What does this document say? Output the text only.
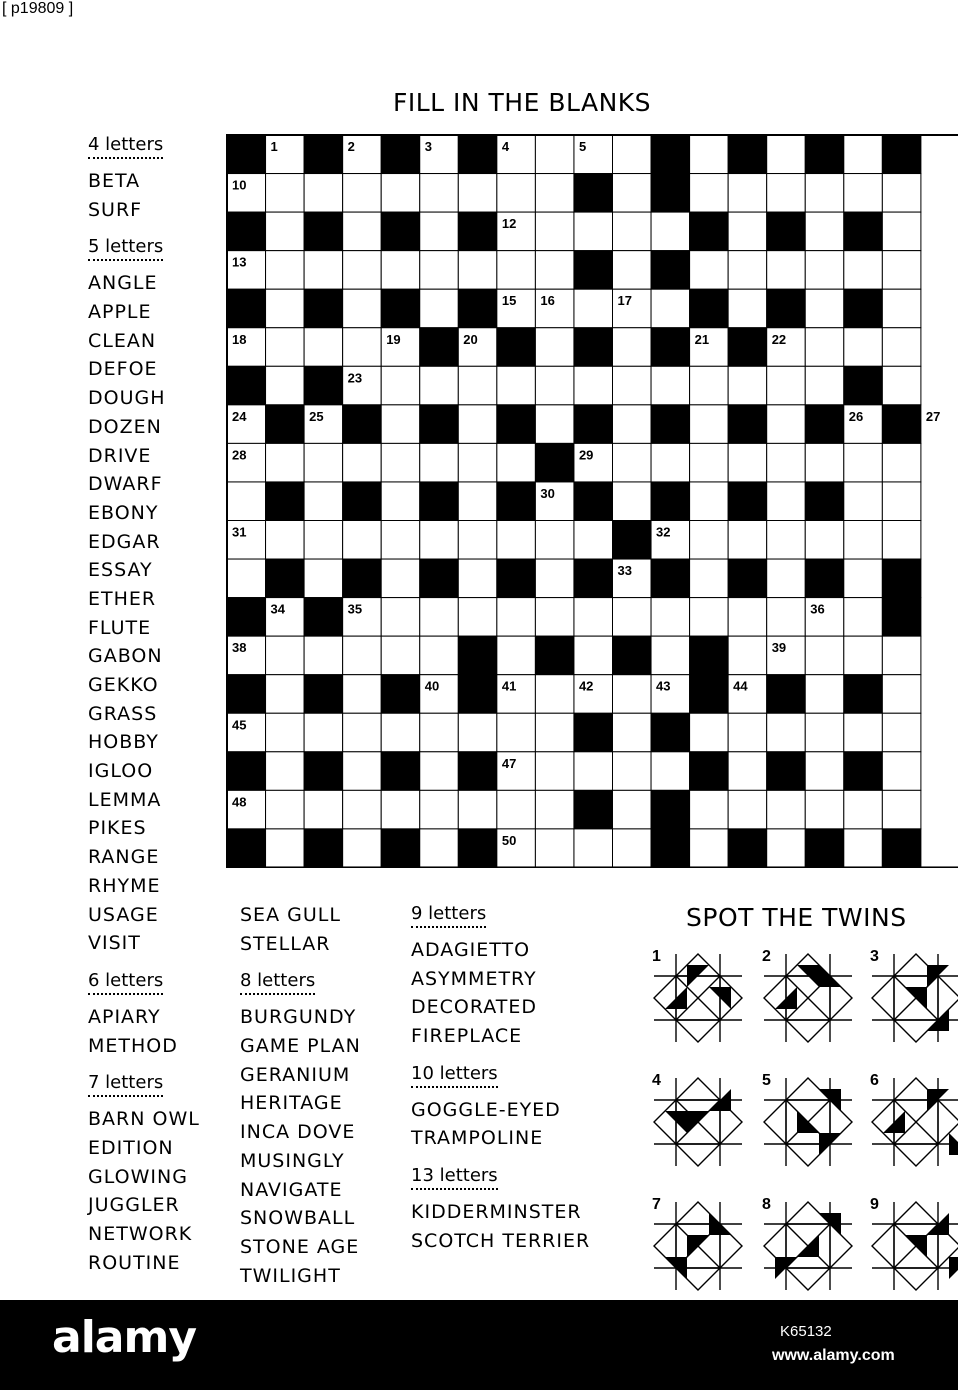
[ p19809 ]
FILL IN THE BLANKS
1	2	3	4	5	6	7	8	9
10	11
12
13	14
15 16	17
18	19	20	21	22
23
24	25	26	27
28	29
30
31	32
33
34	35	36	37
38	39
40	41	42	43	44
45	46
47
48	49
50
4 letters
BETA
SURF
5 letters
ANGLE
APPLE
CLEAN
DEFOE
DOUGH
DOZEN
DRIVE
DWARF
EBONY
EDGAR
ESSAY
ETHER
FLUTE
GABON
GEKKO
GRASS
HOBBY
IGLOO
LEMMA
PIKES
RANGE
RHYME
USAGE
VISIT
6 letters
APIARY
METHOD
7 letters
BARN OWL
EDITION
GLOWING
JUGGLER
NETWORK
ROUTINE
SEA GULL
STELLAR
8 letters
BURGUNDY
GAME PLAN
GERANIUM
HERITAGE
INCA DOVE
MUSINGLY
NAVIGATE
SNOWBALL
STONE AGE
TWILIGHT
9 letters
ADAGIETTO
ASYMMETRY
DECORATED
FIREPLACE
10 letters
GOGGLE-EYED
TRAMPOLINE
13 letters
KIDDERMINSTER
SCOTCH TERRIER
SPOT THE TWINS
1	2	3
4	5	6
7	8	9
alamy	K65132
www.alamy.com
